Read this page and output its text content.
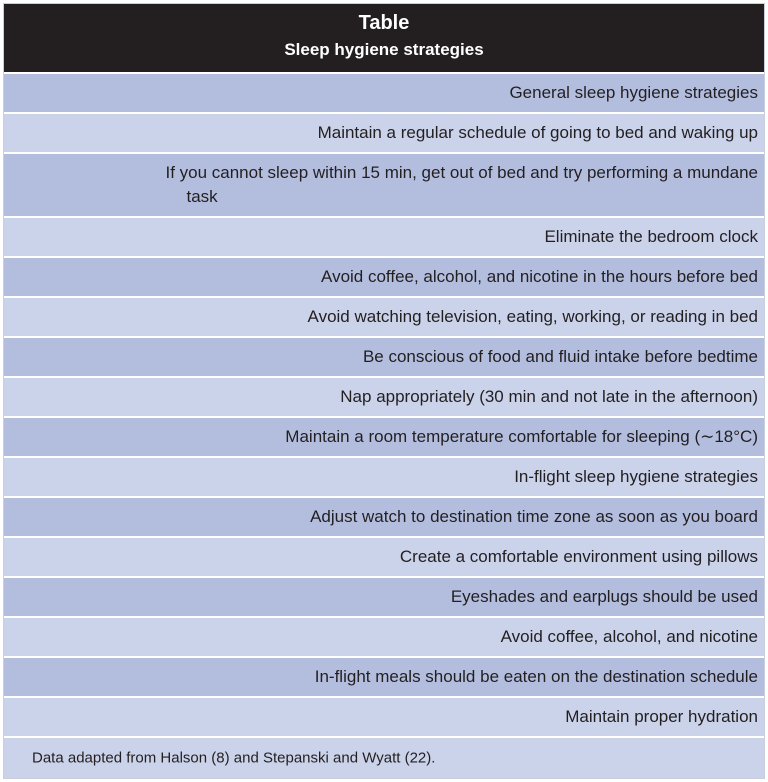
Table
Sleep hygiene strategies
General sleep hygiene strategies
Maintain a regular schedule of going to bed and waking up
If you cannot sleep within 15 min, get out of bed and try performing a mundane
task
Eliminate the bedroom clock
Avoid coffee, alcohol, and nicotine in the hours before bed
Avoid watching television, eating, working, or reading in bed
Be conscious of food and fluid intake before bedtime
Nap appropriately (30 min and not late in the afternoon)
Maintain a room temperature comfortable for sleeping (∼18°C)
In-flight sleep hygiene strategies
Adjust watch to destination time zone as soon as you board
Create a comfortable environment using pillows
Eyeshades and earplugs should be used
Avoid coffee, alcohol, and nicotine
In-flight meals should be eaten on the destination schedule
Maintain proper hydration
Data adapted from Halson (8) and Stepanski and Wyatt (22).
